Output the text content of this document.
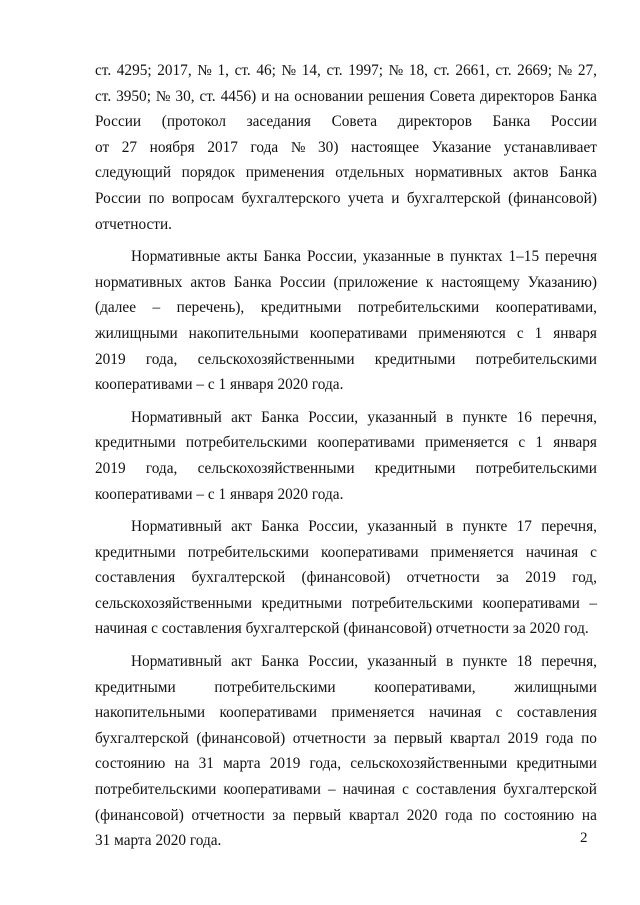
ст. 4295; 2017, № 1, ст. 46; № 14, ст. 1997; № 18, ст. 2661, ст. 2669; № 27,
ст. 3950; № 30, ст. 4456) и на основании решения Совета директоров Банка
России (протокол заседания Совета директоров Банка России
от 27 ноября 2017 года № 30) настоящее Указание устанавливает
следующий порядок применения отдельных нормативных актов Банка
России по вопросам бухгалтерского учета и бухгалтерской (финансовой)
отчетности.
Нормативные акты Банка России, указанные в пунктах 1–15 перечня
нормативных актов Банка России (приложение к настоящему Указанию)
(далее – перечень), кредитными потребительскими кооперативами,
жилищными накопительными кооперативами применяются с 1 января
2019 года, сельскохозяйственными кредитными потребительскими
кооперативами – с 1 января 2020 года.
Нормативный акт Банка России, указанный в пункте 16 перечня,
кредитными потребительскими кооперативами применяется с 1 января
2019 года, сельскохозяйственными кредитными потребительскими
кооперативами – с 1 января 2020 года.
Нормативный акт Банка России, указанный в пункте 17 перечня,
кредитными потребительскими кооперативами применяется начиная с
составления бухгалтерской (финансовой) отчетности за 2019 год,
сельскохозяйственными кредитными потребительскими кооперативами –
начиная с составления бухгалтерской (финансовой) отчетности за 2020 год.
Нормативный акт Банка России, указанный в пункте 18 перечня,
кредитными	потребительскими	кооперативами,	жилищными
накопительными кооперативами применяется начиная с составления
бухгалтерской (финансовой) отчетности за первый квартал 2019 года по
состоянию на 31 марта 2019 года, сельскохозяйственными кредитными
потребительскими кооперативами – начиная с составления бухгалтерской
(финансовой) отчетности за первый квартал 2020 года по состоянию на
31 марта 2020 года.	2
